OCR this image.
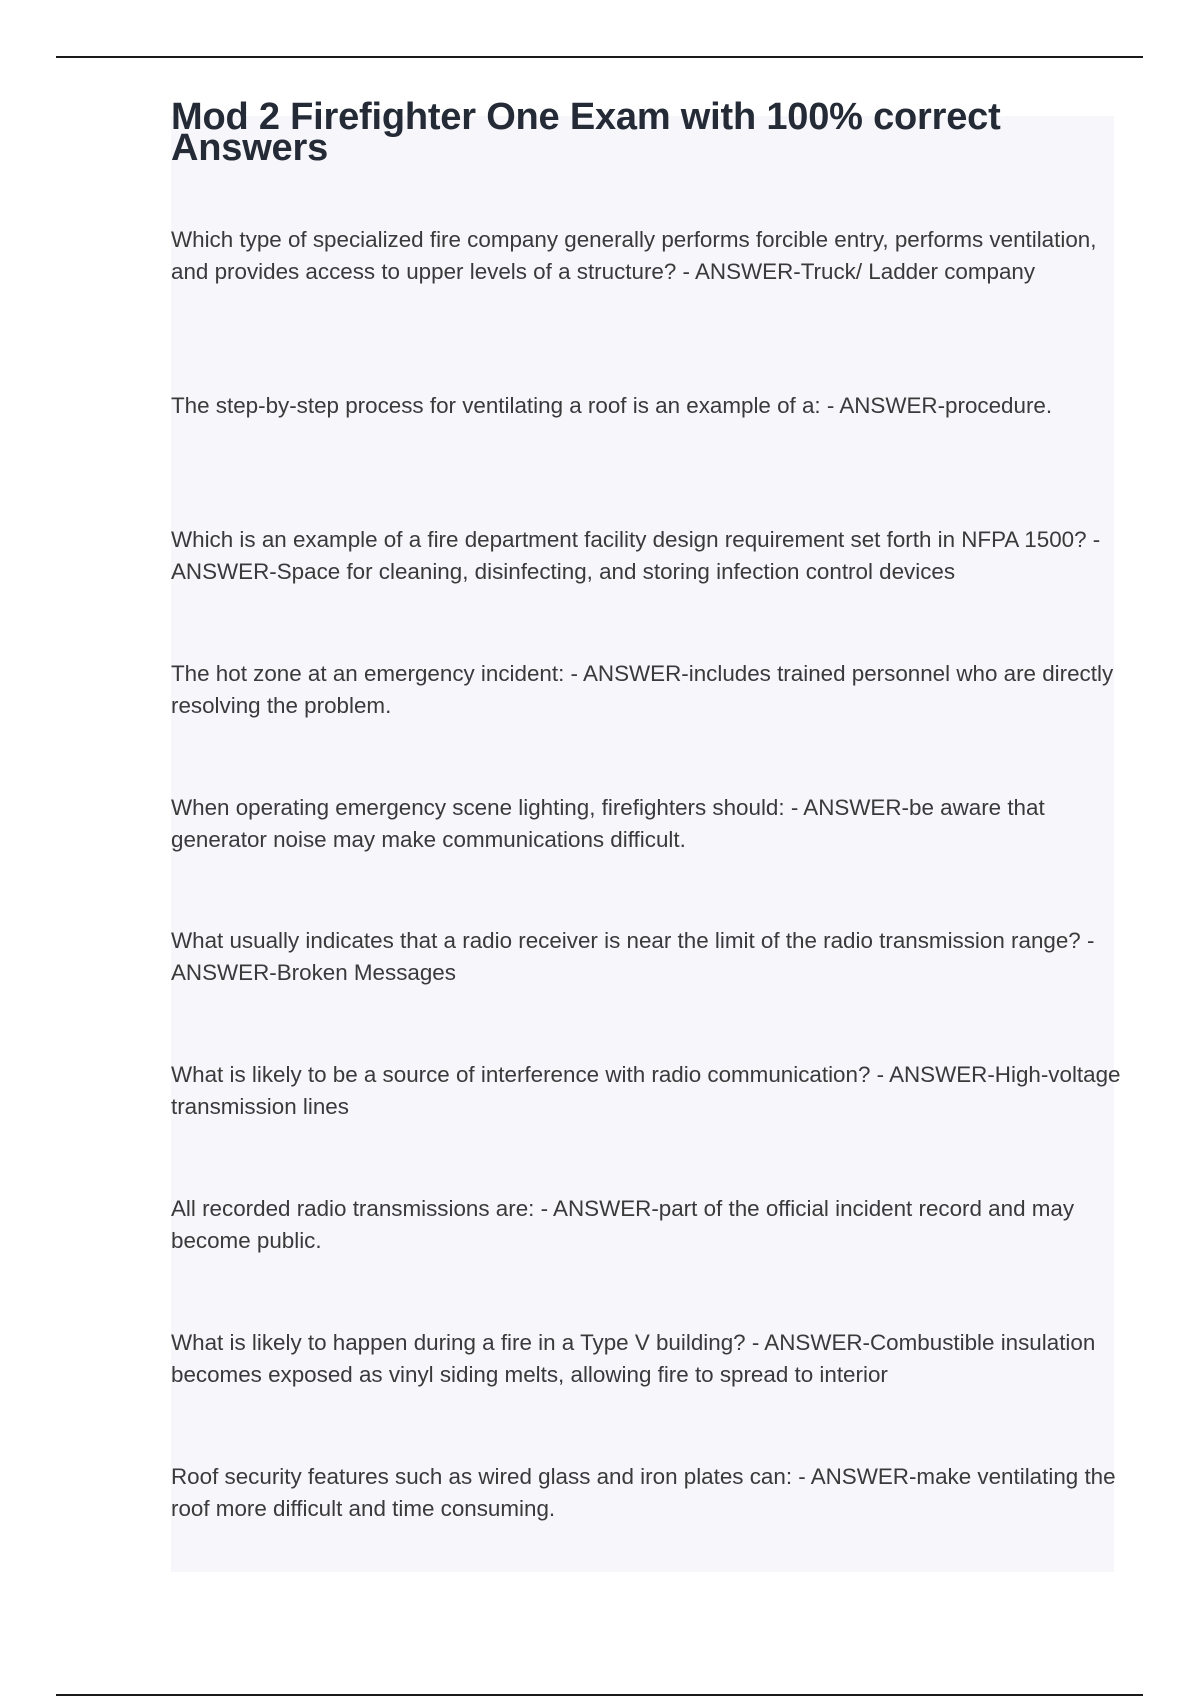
Mod 2 Firefighter One Exam with 100% correct Answers

Which type of specialized fire company generally performs forcible entry, performs ventilation, and provides access to upper levels of a structure? - ANSWER-Truck/ Ladder company

The step-by-step process for ventilating a roof is an example of a: - ANSWER-procedure.

Which is an example of a fire department facility design requirement set forth in NFPA 1500? - ANSWER-Space for cleaning, disinfecting, and storing infection control devices

The hot zone at an emergency incident: - ANSWER-includes trained personnel who are directly resolving the problem.

When operating emergency scene lighting, firefighters should: - ANSWER-be aware that generator noise may make communications difficult.

What usually indicates that a radio receiver is near the limit of the radio transmission range? - ANSWER-Broken Messages

What is likely to be a source of interference with radio communication? - ANSWER-High-voltage transmission lines

All recorded radio transmissions are: - ANSWER-part of the official incident record and may become public.

What is likely to happen during a fire in a Type V building? - ANSWER-Combustible insulation becomes exposed as vinyl siding melts, allowing fire to spread to interior

Roof security features such as wired glass and iron plates can: - ANSWER-make ventilating the roof more difficult and time consuming.
